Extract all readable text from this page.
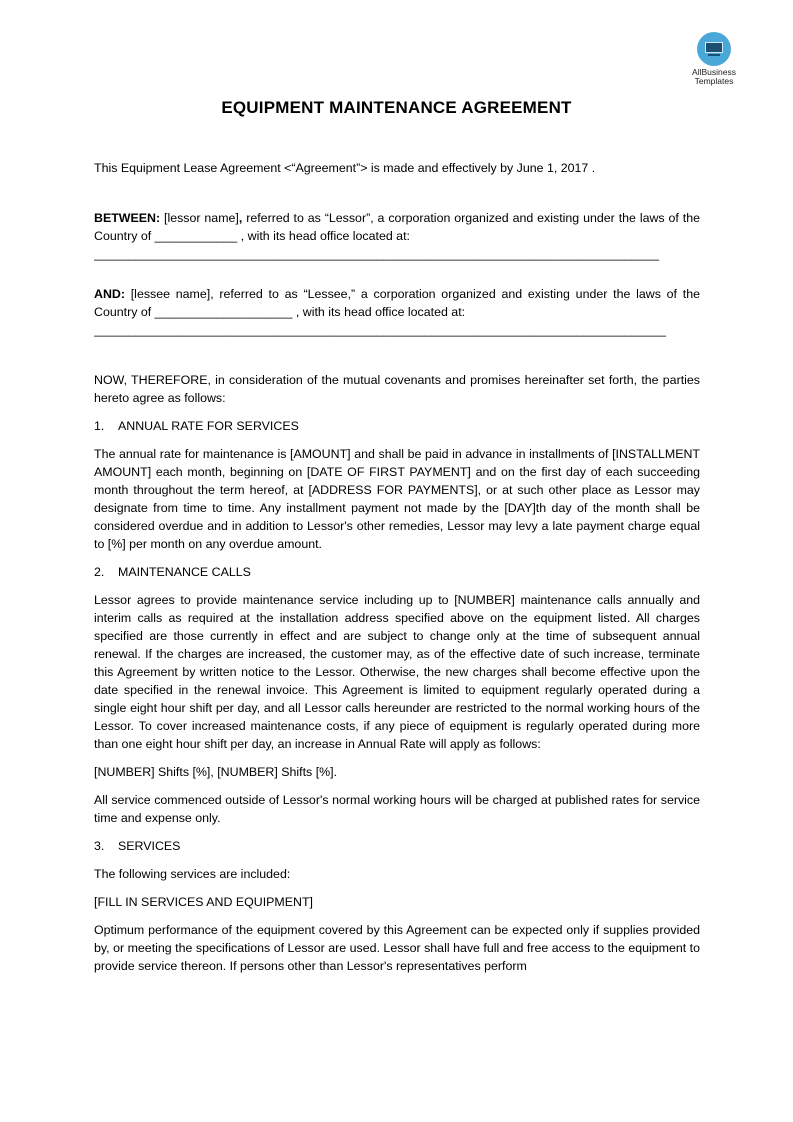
AllBusiness
Templates
EQUIPMENT MAINTENANCE AGREEMENT

This Equipment Lease Agreement <“Agreement”> is made and effectively by June 1, 2017 .

BETWEEN: [lessor name], referred to as “Lessor”, a corporation organized and existing under the laws of the Country of ____________ , with its head office located at:

__________________________________________________________________________________

AND: [lessee name], referred to as “Lessee,” a corporation organized and existing under the laws of the Country of ____________________ , with its head office located at:

___________________________________________________________________________________

NOW, THEREFORE, in consideration of the mutual covenants and promises hereinafter set forth, the parties hereto agree as follows:

1. ANNUAL RATE FOR SERVICES

The annual rate for maintenance is [AMOUNT] and shall be paid in advance in installments of [INSTALLMENT AMOUNT] each month, beginning on [DATE OF FIRST PAYMENT] and on the first day of each succeeding month throughout the term hereof, at [ADDRESS FOR PAYMENTS], or at such other place as Lessor may designate from time to time. Any installment payment not made by the [DAY]th day of the month shall be considered overdue and in addition to Lessor's other remedies, Lessor may levy a late payment charge equal to [%] per month on any overdue amount.

2. MAINTENANCE CALLS

Lessor agrees to provide maintenance service including up to [NUMBER] maintenance calls annually and interim calls as required at the installation address specified above on the equipment listed. All charges specified are those currently in effect and are subject to change only at the time of subsequent annual renewal. If the charges are increased, the customer may, as of the effective date of such increase, terminate this Agreement by written notice to the Lessor. Otherwise, the new charges shall become effective upon the date specified in the renewal invoice. This Agreement is limited to equipment regularly operated during a single eight hour shift per day, and all Lessor calls hereunder are restricted to the normal working hours of the Lessor. To cover increased maintenance costs, if any piece of equipment is regularly operated during more than one eight hour shift per day, an increase in Annual Rate will apply as follows:

[NUMBER] Shifts [%], [NUMBER] Shifts [%].

All service commenced outside of Lessor's normal working hours will be charged at published rates for service time and expense only.

3. SERVICES

The following services are included:

[FILL IN SERVICES AND EQUIPMENT]

Optimum performance of the equipment covered by this Agreement can be expected only if supplies provided by, or meeting the specifications of Lessor are used. Lessor shall have full and free access to the equipment to provide service thereon. If persons other than Lessor's representatives perform
